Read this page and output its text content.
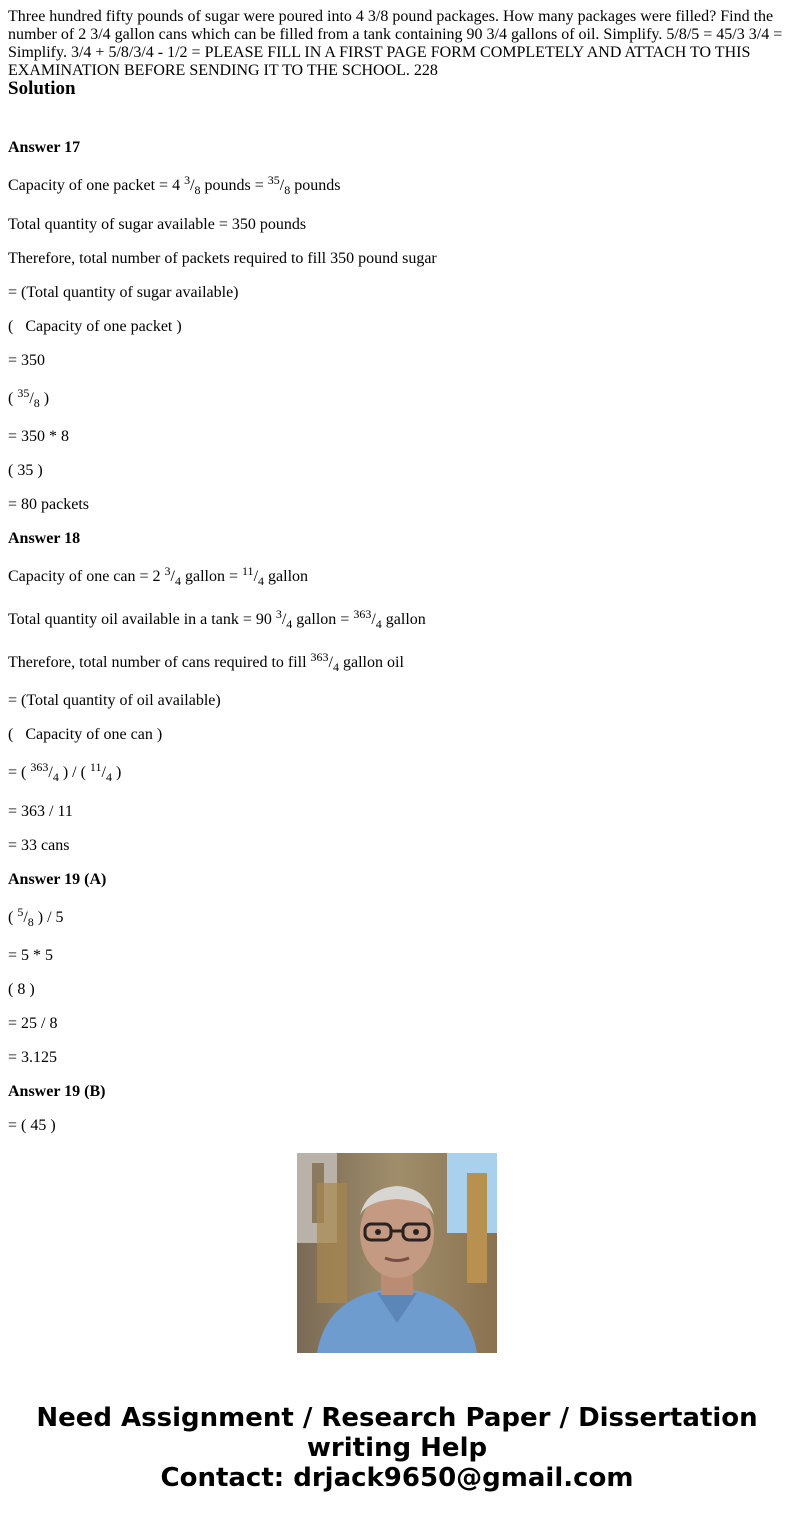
Three hundred fifty pounds of sugar were poured into 4 3/8 pound packages. How many packages were filled? Find the number of 2 3/4 gallon cans which can be filled from a tank containing 90 3/4 gallons of oil. Simplify. 5/8/5 = 45/3 3/4 = Simplify. 3/4 + 5/8/3/4 - 1/2 = PLEASE FILL IN A FIRST PAGE FORM COMPLETELY AND ATTACH TO THIS EXAMINATION BEFORE SENDING IT TO THE SCHOOL. 228

Solution

Answer 17

Capacity of one packet = 4 $^3/_8$ pounds = $^{35}/_8$ pounds

Total quantity of sugar available = 350 pounds

Therefore, total number of packets required to fill 350 pound sugar

= (Total quantity of sugar available)

(   Capacity of one packet )

= 350

( $^{35}/_8$ )

= 350 * 8

( 35 )

= 80 packets

Answer 18

Capacity of one can = 2 $^3/_4$ gallon = $^{11}/_4$ gallon

Total quantity oil available in a tank = 90 $^3/_4$ gallon = $^{363}/_4$ gallon

Therefore, total number of cans required to fill $^{363}/_4$ gallon oil

= (Total quantity of oil available)

(   Capacity of one can )

= ( $^{363}/_4$ ) / ( $^{11}/_4$ )

= 363 / 11

= 33 cans

Answer 19 (A)

( $^5/_8$ ) / 5

= 5 * 5

( 8 )

= 25 / 8

= 3.125

Answer 19 (B)

= ( 45 )

Need Assignment / Research Paper / Dissertation
writing Help
Contact: drjack9650@gmail.com
